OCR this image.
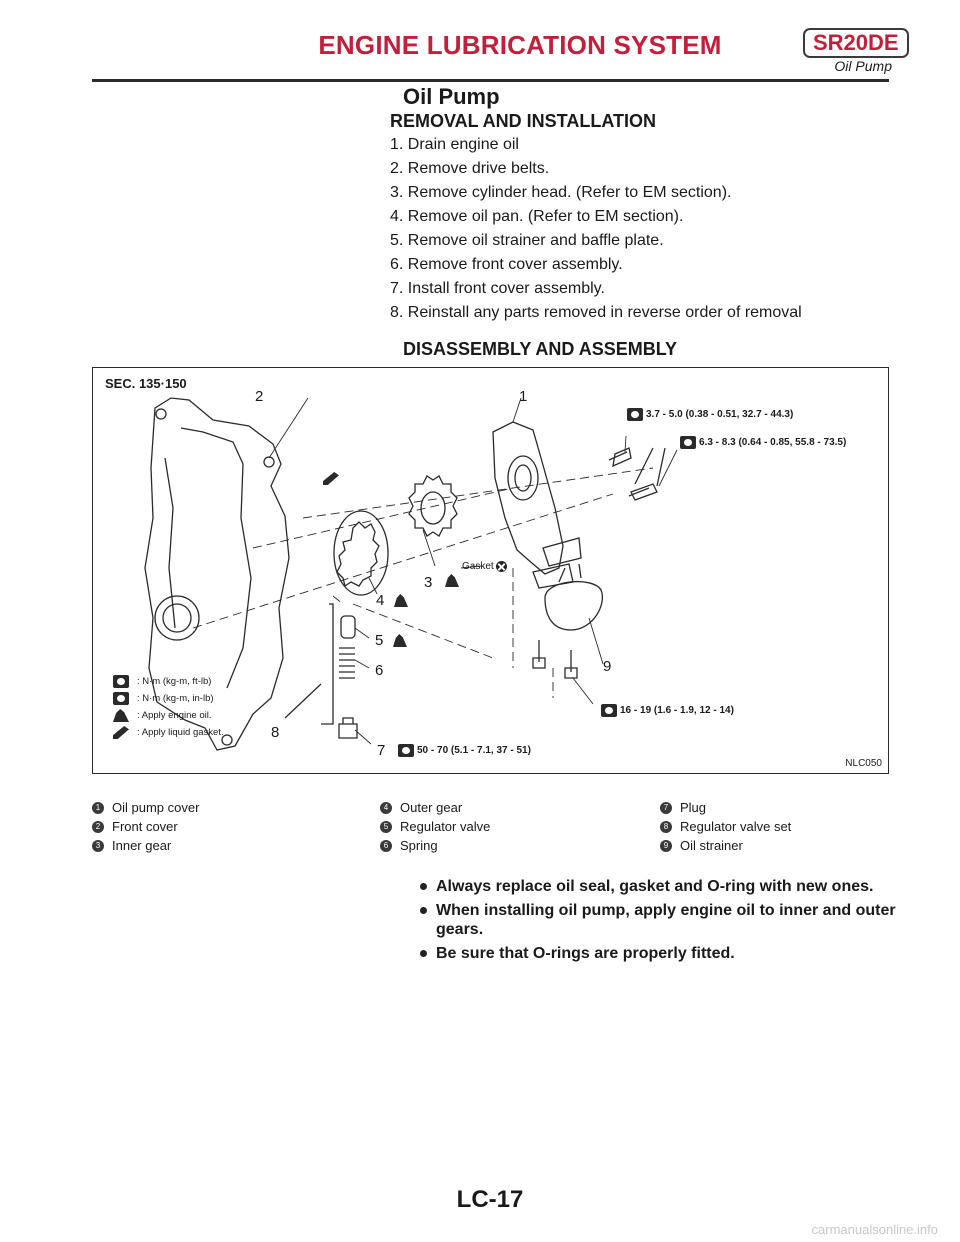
ENGINE LUBRICATION SYSTEM	SR20DE
Oil Pump
Oil Pump
REMOVAL AND INSTALLATION
1. Drain engine oil
2. Remove drive belts.
3. Remove cylinder head. (Refer to EM section).
4. Remove oil pan. (Refer to EM section).
5. Remove oil strainer and baffle plate.
6. Remove front cover assembly.
7. Install front cover assembly.
8. Reinstall any parts removed in reverse order of removal
DISASSEMBLY AND ASSEMBLY
SEC. 135·150
NLC050
2	1
3
4
5
6
7
8
9
Gasket
3.7 - 5.0 (0.38 - 0.51, 32.7 - 44.3)
6.3 - 8.3 (0.64 - 0.85, 55.8 - 73.5)
16 - 19 (1.6 - 1.9, 12 - 14)
50 - 70 (5.1 - 7.1, 37 - 51)
: N·m (kg-m, ft-lb)
: N·m (kg-m, in-lb)
: Apply engine oil.
: Apply liquid gasket.
1 Oil pump cover
2 Front cover
3 Inner gear
4 Outer gear
5 Regulator valve
6 Spring
7 Plug
8 Regulator valve set
9 Oil strainer
Always replace oil seal, gasket and O-ring with new ones.
When installing oil pump, apply engine oil to inner and outer gears.
Be sure that O-rings are properly fitted.
LC-17
carmanualsonline.info
